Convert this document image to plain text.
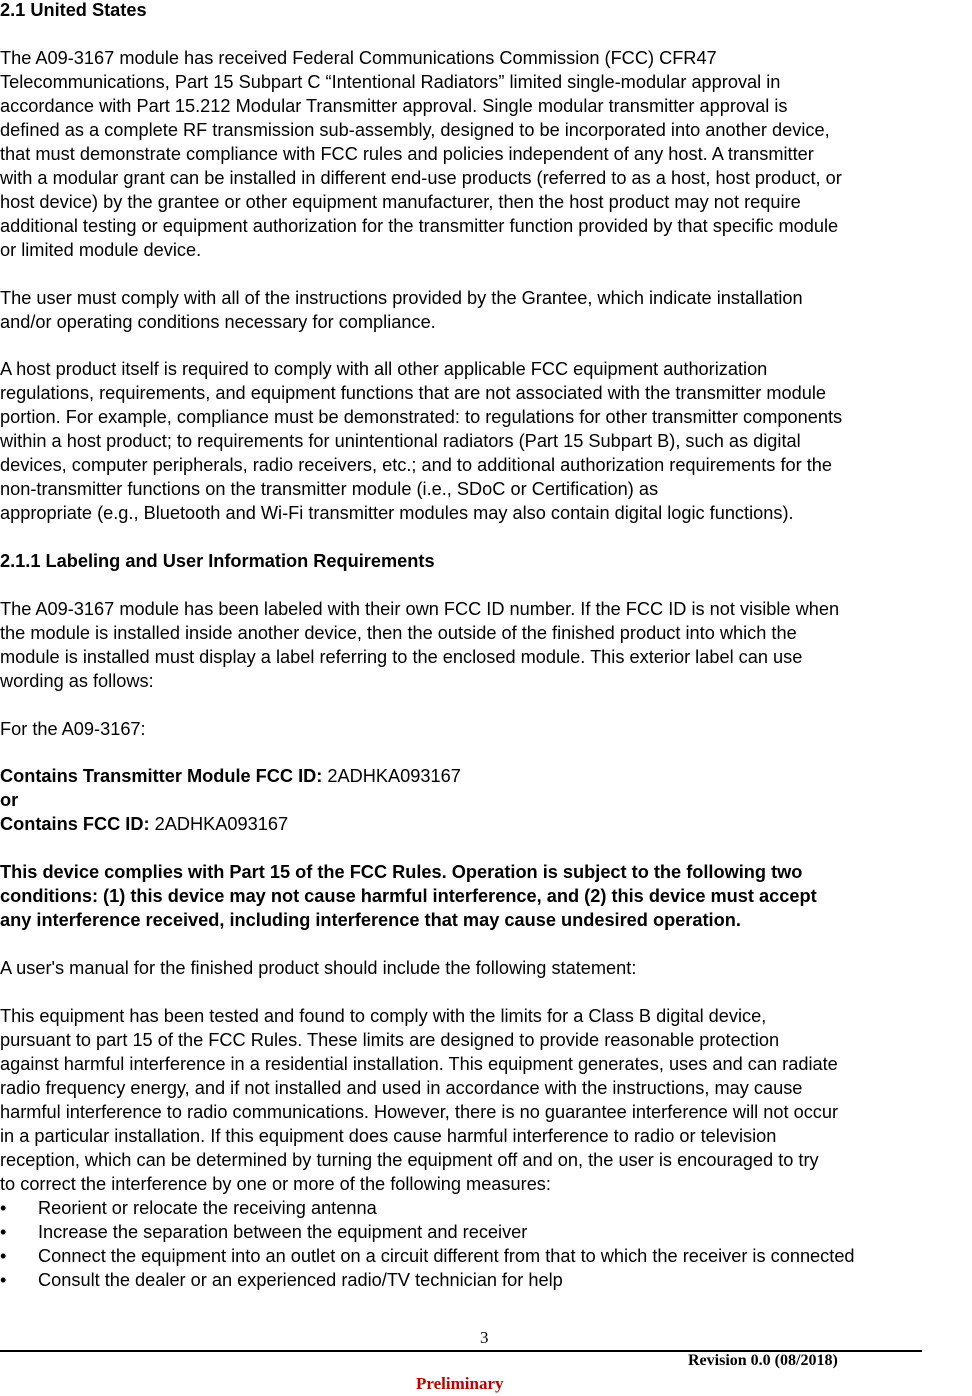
2.1 United States
The A09-3167 module has received Federal Communications Commission (FCC) CFR47
Telecommunications, Part 15 Subpart C “Intentional Radiators” limited single-modular approval in
accordance with Part 15.212 Modular Transmitter approval. Single modular transmitter approval is
defined as a complete RF transmission sub-assembly, designed to be incorporated into another device,
that must demonstrate compliance with FCC rules and policies independent of any host. A transmitter
with a modular grant can be installed in different end-use products (referred to as a host, host product, or
host device) by the grantee or other equipment manufacturer, then the host product may not require
additional testing or equipment authorization for the transmitter function provided by that specific module
or limited module device.
The user must comply with all of the instructions provided by the Grantee, which indicate installation
and/or operating conditions necessary for compliance.
A host product itself is required to comply with all other applicable FCC equipment authorization
regulations, requirements, and equipment functions that are not associated with the transmitter module
portion. For example, compliance must be demonstrated: to regulations for other transmitter components
within a host product; to requirements for unintentional radiators (Part 15 Subpart B), such as digital
devices, computer peripherals, radio receivers, etc.; and to additional authorization requirements for the
non-transmitter functions on the transmitter module (i.e., SDoC or Certification) as
appropriate (e.g., Bluetooth and Wi-Fi transmitter modules may also contain digital logic functions).
2.1.1 Labeling and User Information Requirements
The A09-3167 module has been labeled with their own FCC ID number. If the FCC ID is not visible when
the module is installed inside another device, then the outside of the finished product into which the
module is installed must display a label referring to the enclosed module. This exterior label can use
wording as follows:
For the A09-3167:
Contains Transmitter Module FCC ID: 2ADHKA093167
or
Contains FCC ID: 2ADHKA093167
This device complies with Part 15 of the FCC Rules. Operation is subject to the following two
conditions: (1) this device may not cause harmful interference, and (2) this device must accept
any interference received, including interference that may cause undesired operation.
A user's manual for the finished product should include the following statement:
This equipment has been tested and found to comply with the limits for a Class B digital device,
pursuant to part 15 of the FCC Rules. These limits are designed to provide reasonable protection
against harmful interference in a residential installation. This equipment generates, uses and can radiate
radio frequency energy, and if not installed and used in accordance with the instructions, may cause
harmful interference to radio communications. However, there is no guarantee interference will not occur
in a particular installation. If this equipment does cause harmful interference to radio or television
reception, which can be determined by turning the equipment off and on, the user is encouraged to try
to correct the interference by one or more of the following measures:
• Reorient or relocate the receiving antenna
• Increase the separation between the equipment and receiver
• Connect the equipment into an outlet on a circuit different from that to which the receiver is connected
• Consult the dealer or an experienced radio/TV technician for help
3
Revision 0.0 (08/2018)
Preliminary
